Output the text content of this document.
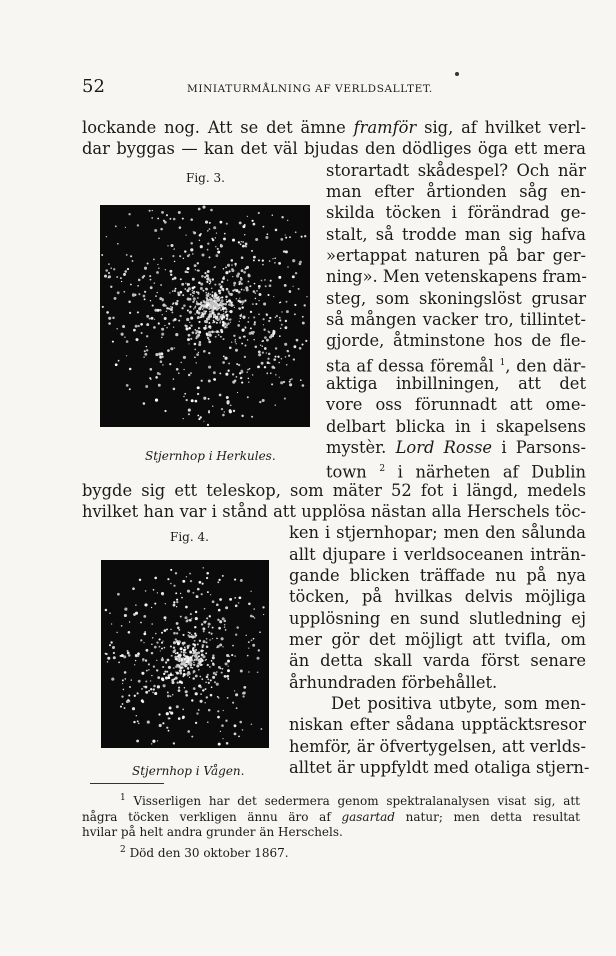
52	MINIATURMÅLNING AF VERLDSALLTET.
lockande nog. Att se det ämne framför sig, af hvilket verl-
dar byggas — kan det väl bjudas den dödliges öga ett mera
Fig. 3.
Stjernhop i Herkules.
storartadt skådespel? Och när
man efter årtionden såg en-
skilda töcken i förändrad ge-
stalt, så trodde man sig hafva
»ertappat naturen på bar ger-
ning». Men vetenskapens fram-
steg, som skoningslöst grusar
så mången vacker tro, tillintet-
gjorde, åtminstone hos de fle-
sta af dessa föremål $^1$, den där-
aktiga inbillningen, att det
vore oss förunnadt att ome-
delbart blicka in i skapelsens
mystèr. Lord Rosse i Parsons-
town $^2$ i närheten af Dublin
bygde sig ett teleskop, som mäter 52 fot i längd, medels
hvilket han var i stånd att upplösa nästan alla Herschels töc-
Fig. 4.
Stjernhop i Vågen.
ken i stjernhopar; men den sålunda
allt djupare i verldsoceanen inträn-
gande blicken träffade nu på nya
töcken, på hvilkas delvis möjliga
upplösning en sund slutledning ej
mer gör det möjligt att tvifla, om
än detta skall varda först senare
århundraden förbehållet.
Det positiva utbyte, som men-
niskan efter sådana upptäcktsresor
hemför, är öfvertygelsen, att verlds-
alltet är uppfyldt med otaliga stjern-
$^1$ Visserligen har det sedermera genom spektralanalysen visat sig, att
några töcken verkligen ännu äro af gasartad natur; men detta resultat
hvilar på helt andra grunder än Herschels.
$^2$ Död den 30 oktober 1867.
